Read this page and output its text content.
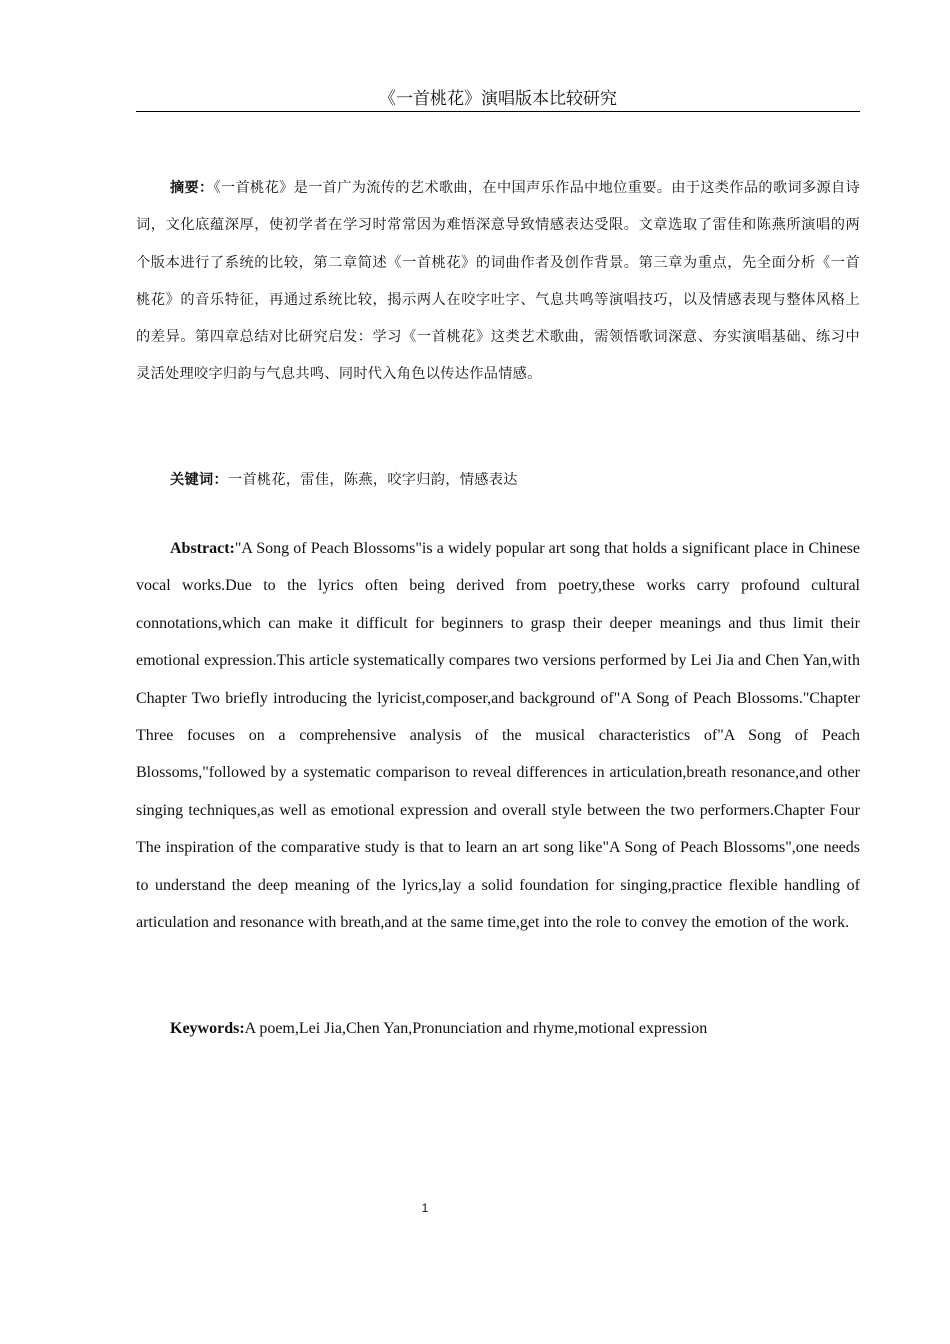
《一首桃花》演唱版本比较研究

摘要：《一首桃花》是一首广为流传的艺术歌曲，在中国声乐作品中地位重要。由于这类作品的歌词多源自诗词，文化底蕴深厚，使初学者在学习时常常因为难悟深意导致情感表达受限。文章选取了雷佳和陈燕所演唱的两个版本进行了系统的比较，第二章简述《一首桃花》的词曲作者及创作背景。第三章为重点，先全面分析《一首桃花》的音乐特征，再通过系统比较，揭示两人在咬字吐字、气息共鸣等演唱技巧，以及情感表现与整体风格上的差异。第四章总结对比研究启发：学习《一首桃花》这类艺术歌曲，需领悟歌词深意、夯实演唱基础、练习中灵活处理咬字归韵与气息共鸣、同时代入角色以传达作品情感。

关键词：一首桃花，雷佳，陈燕，咬字归韵，情感表达

Abstract:"A Song of Peach Blossoms"is a widely popular art song that holds a significant place in Chinese vocal works.Due to the lyrics often being derived from poetry,these works carry profound cultural connotations,which can make it difficult for beginners to grasp their deeper meanings and thus limit their emotional expression.This article systematically compares two versions performed by Lei Jia and Chen Yan,with Chapter Two briefly introducing the lyricist,composer,and background of"A Song of Peach Blossoms."Chapter Three focuses on a comprehensive analysis of the musical characteristics of"A Song of Peach Blossoms,"followed by a systematic comparison to reveal differences in articulation,breath resonance,and other singing techniques,as well as emotional expression and overall style between the two performers.Chapter Four The inspiration of the comparative study is that to learn an art song like"A Song of Peach Blossoms",one needs to understand the deep meaning of the lyrics,lay a solid foundation for singing,practice flexible handling of articulation and resonance with breath,and at the same time,get into the role to convey the emotion of the work.

Keywords:A poem,Lei Jia,Chen Yan,Pronunciation and rhyme,motional expression

1
